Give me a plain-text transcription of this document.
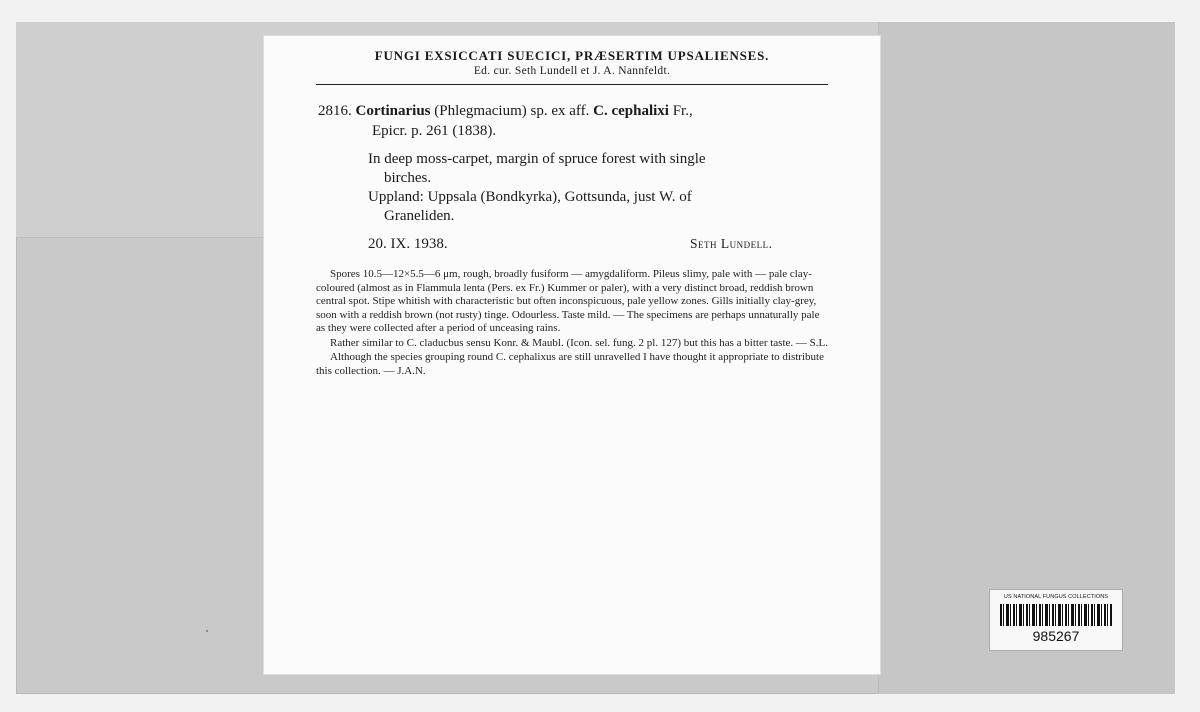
FUNGI EXSICCATI SUECICI, PRÆSERTIM UPSALIENSES.
Ed. cur. Seth Lundell et J. A. Nannfeldt.
2816. Cortinarius (Phlegmacium) sp. ex aff. C. cephalixi Fr.,
Epicr. p. 261 (1838).
In deep moss-carpet, margin of spruce forest with single
birches.
Uppland: Uppsala (Bondkyrka), Gottsunda, just W. of
Graneliden.
20. IX. 1938.	Seth Lundell.

Spores 10.5—12×5.5—6 μm, rough, broadly fusiform — amygdaliform. Pileus slimy, pale with — pale clay-coloured (almost as in Flammula lenta (Pers. ex Fr.) Kummer or paler), with a very distinct broad, reddish brown central spot. Stipe whitish with characteristic but often inconspicuous, pale yellow zones. Gills initially clay-grey, soon with a reddish brown (not rusty) tinge. Odourless. Taste mild. — The specimens are perhaps unnaturally pale as they were collected after a period of unceasing rains.

Rather similar to C. claducbus sensu Konr. & Maubl. (Icon. sel. fung. 2 pl. 127) but this has a bitter taste. — S.L.

Although the species grouping round C. cephalixus are still unravelled I have thought it appropriate to distribute this collection. — J.A.N.

US NATIONAL FUNGUS COLLECTIONS
985267
